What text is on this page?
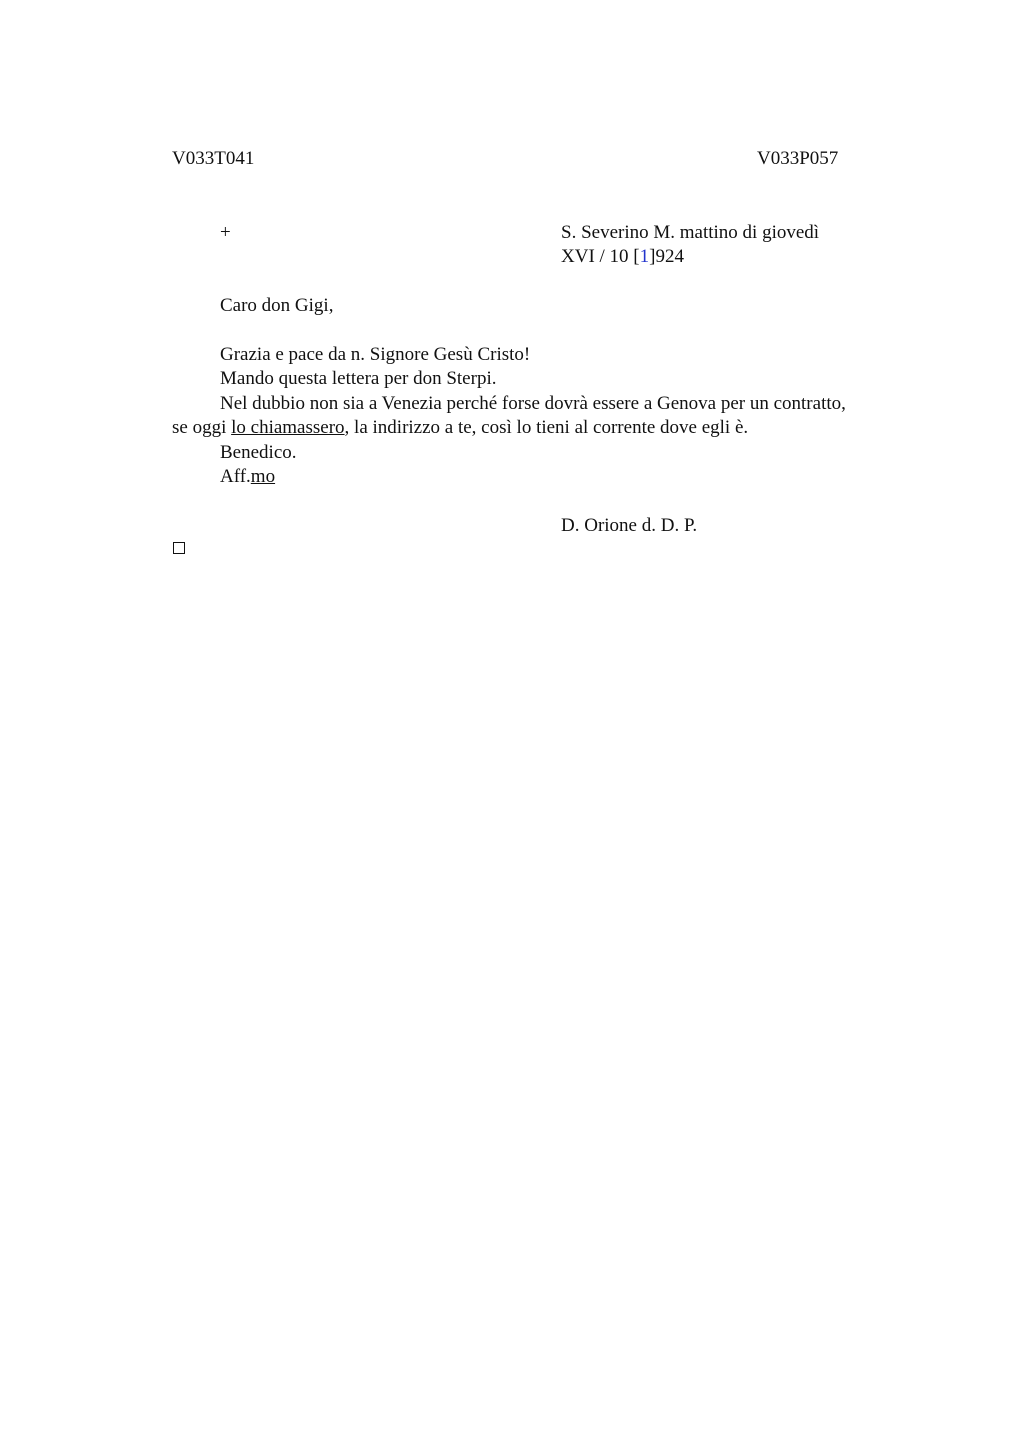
V033T041	V033P057
+	S. Severino M. mattino di giovedì
XVI / 10 [1]924
Caro don Gigi,
Grazia e pace da n. Signore Gesù Cristo!
Mando questa lettera per don Sterpi.
Nel dubbio non sia a Venezia perché forse dovrà essere a Genova per un contratto,
se oggi lo chiamassero, la indirizzo a te, così lo tieni al corrente dove egli è.
Benedico.
Aff.mo
D. Orione d. D. P.
